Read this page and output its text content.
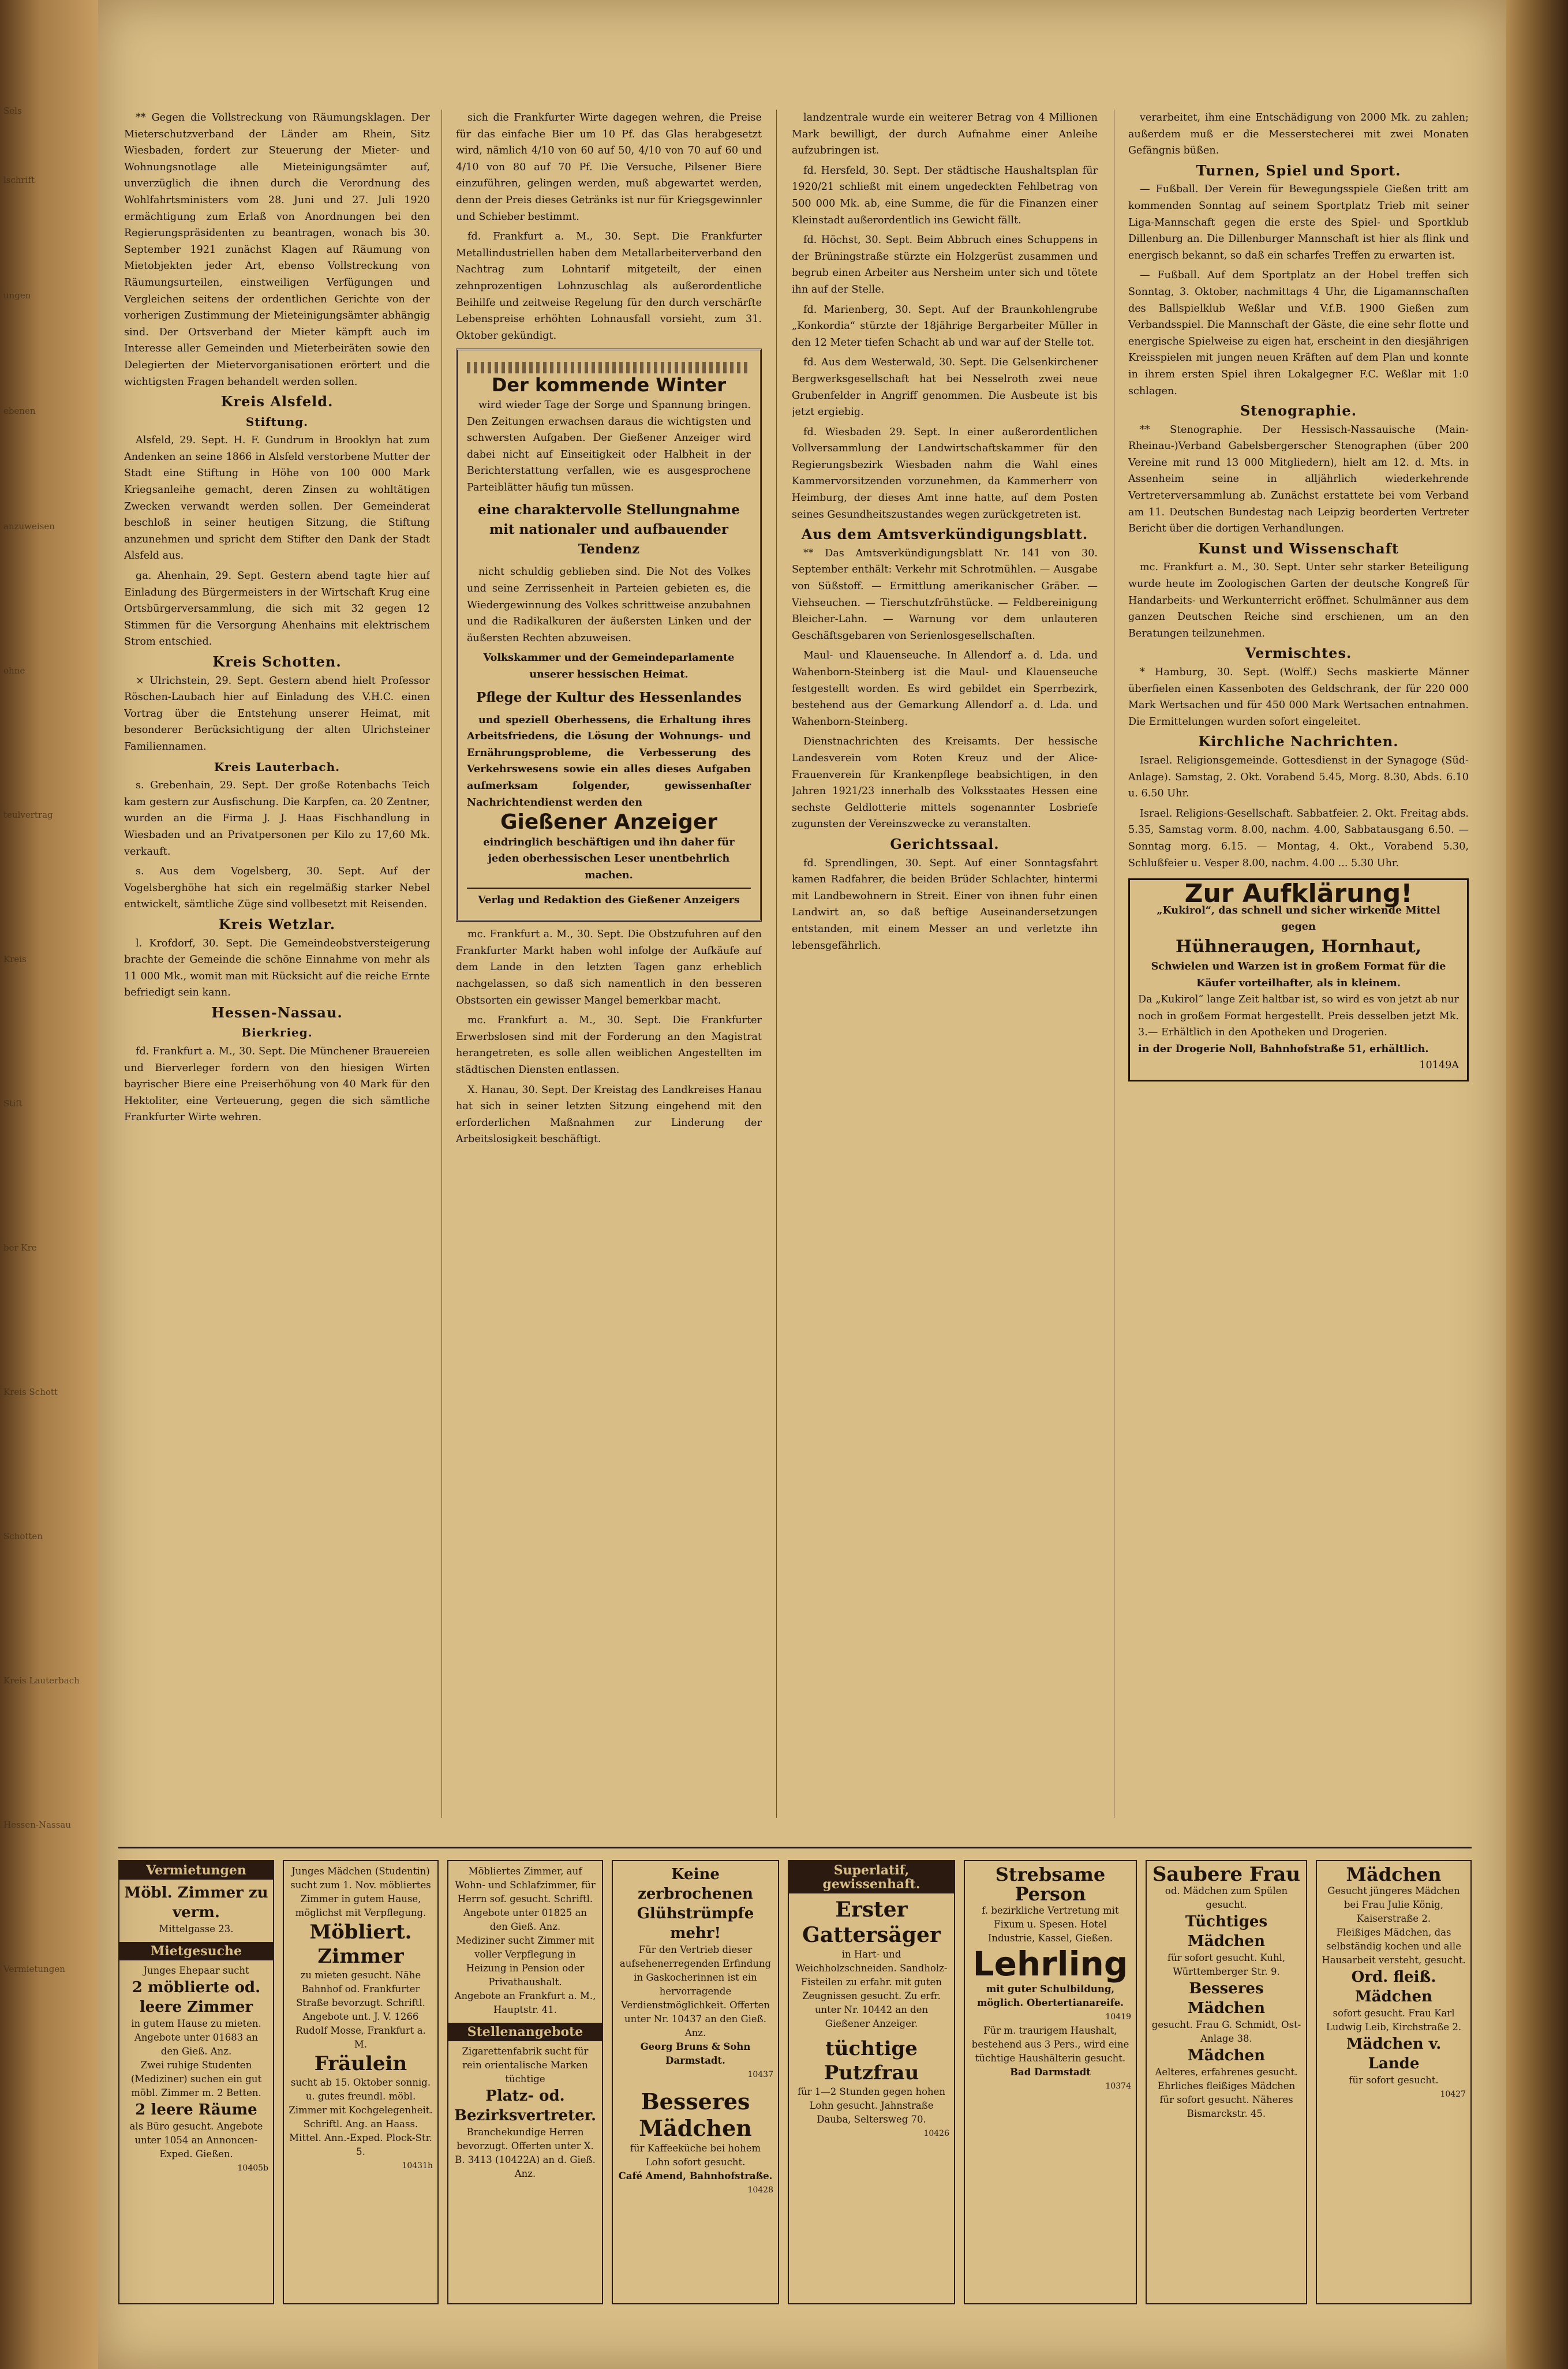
Sels
lschrift
ungen
ebenen
anzuweisen
ohne
teulvertrag
Kreis
Stift
ber Kre
Kreis Schott
Schotten
Kreis Lauterbach
Hessen-Nassau
Vermietungen

** Gegen die Vollstreckung von Räumungsklagen. Der Mieterschutzverband der Länder am Rhein, Sitz Wiesbaden, fordert zur Steuerung der Mieter- und Wohnungsnotlage alle Mieteinigungsämter auf, unverzüglich die ihnen durch die Verordnung des Wohlfahrtsministers vom 28. Juni und 27. Juli 1920 ermächtigung zum Erlaß von Anordnungen bei den Regierungspräsidenten zu beantragen, wonach bis 30. September 1921 zunächst Klagen auf Räumung von Mietobjekten jeder Art, ebenso Vollstreckung von Räumungsurteilen, einstweiligen Verfügungen und Vergleichen seitens der ordentlichen Gerichte von der vorherigen Zustimmung der Mieteinigungsämter abhängig sind. Der Ortsverband der Mieter kämpft auch im Interesse aller Gemeinden und Mieterbeiräten sowie den Delegierten der Mietervorganisationen erörtert und die wichtigsten Fragen behandelt werden sollen.

Kreis Alsfeld.
Stiftung.

Alsfeld, 29. Sept. H. F. Gundrum in Brooklyn hat zum Andenken an seine 1866 in Alsfeld verstorbene Mutter der Stadt eine Stiftung in Höhe von 100 000 Mark Kriegsanleihe gemacht, deren Zinsen zu wohltätigen Zwecken verwandt werden sollen. Der Gemeinderat beschloß in seiner heutigen Sitzung, die Stiftung anzunehmen und spricht dem Stifter den Dank der Stadt Alsfeld aus.

ga. Ahenhain, 29. Sept. Gestern abend tagte hier auf Einladung des Bürgermeisters in der Wirtschaft Krug eine Ortsbürgerversammlung, die sich mit 32 gegen 12 Stimmen für die Versorgung Ahenhains mit elektrischem Strom entschied.

Kreis Schotten.

× Ulrichstein, 29. Sept. Gestern abend hielt Professor Röschen-Laubach hier auf Einladung des V.H.C. einen Vortrag über die Entstehung unserer Heimat, mit besonderer Berücksichtigung der alten Ulrichsteiner Familiennamen.

Kreis Lauterbach.

s. Grebenhain, 29. Sept. Der große Rotenbachs Teich kam gestern zur Ausfischung. Die Karpfen, ca. 20 Zentner, wurden an die Firma J. J. Haas Fischhandlung in Wiesbaden und an Privatpersonen per Kilo zu 17,60 Mk. verkauft.

s. Aus dem Vogelsberg, 30. Sept. Auf der Vogelsberghöhe hat sich ein regelmäßig starker Nebel entwickelt, sämtliche Züge sind vollbesetzt mit Reisenden.

Kreis Wetzlar.

l. Krofdorf, 30. Sept. Die Gemeindeobstversteigerung brachte der Gemeinde die schöne Einnahme von mehr als 11 000 Mk., womit man mit Rücksicht auf die reiche Ernte befriedigt sein kann.

Hessen-Nassau.
Bierkrieg.

fd. Frankfurt a. M., 30. Sept. Die Münchener Brauereien und Bierverleger fordern von den hiesigen Wirten bayrischer Biere eine Preiserhöhung von 40 Mark für den Hektoliter, eine Verteuerung, gegen die sich sämtliche Frankfurter Wirte wehren.

sich die Frankfurter Wirte dagegen wehren, die Preise für das einfache Bier um 10 Pf. das Glas herabgesetzt wird, nämlich 4/10 von 60 auf 50, 4/10 von 70 auf 60 und 4/10 von 80 auf 70 Pf. Die Versuche, Pilsener Biere einzuführen, gelingen werden, muß abgewartet werden, denn der Preis dieses Getränks ist nur für Kriegsgewinnler und Schieber bestimmt.

fd. Frankfurt a. M., 30. Sept. Die Frankfurter Metallindustriellen haben dem Metallarbeiterverband den Nachtrag zum Lohntarif mitgeteilt, der einen zehnprozentigen Lohnzuschlag als außerordentliche Beihilfe und zeitweise Regelung für den durch verschärfte Lebenspreise erhöhten Lohnausfall vorsieht, zum 31. Oktober gekündigt.

Der kommende Winter

wird wieder Tage der Sorge und Spannung bringen. Den Zeitungen erwachsen daraus die wichtigsten und schwersten Aufgaben. Der Gießener Anzeiger wird dabei nicht auf Einseitigkeit oder Halbheit in der Berichterstattung verfallen, wie es ausgesprochene Parteiblätter häufig tun müssen.

eine charaktervolle Stellungnahme mit nationaler und aufbauender Tendenz

nicht schuldig geblieben sind. Die Not des Volkes und seine Zerrissenheit in Parteien gebieten es, die Wiedergewinnung des Volkes schrittweise anzubahnen und die Radikalkuren der äußersten Linken und der äußersten Rechten abzuweisen.

Volkskammer und der Gemeindeparlamente unserer hessischen Heimat.
Pflege der Kultur des Hessenlandes

und speziell Oberhessens, die Erhaltung ihres Arbeitsfriedens, die Lösung der Wohnungs- und Ernährungsprobleme, die Verbesserung des Verkehrswesens sowie ein alles dieses Aufgaben aufmerksam folgender, gewissenhafter Nachrichtendienst werden den

Gießener Anzeiger
eindringlich beschäftigen und ihn daher für jeden oberhessischen Leser unentbehrlich machen.
Verlag und Redaktion des Gießener Anzeigers

mc. Frankfurt a. M., 30. Sept. Die Obstzufuhren auf den Frankfurter Markt haben wohl infolge der Aufkäufe auf dem Lande in den letzten Tagen ganz erheblich nachgelassen, so daß sich namentlich in den besseren Obstsorten ein gewisser Mangel bemerkbar macht.

mc. Frankfurt a. M., 30. Sept. Die Frankfurter Erwerbslosen sind mit der Forderung an den Magistrat herangetreten, es solle allen weiblichen Angestellten im städtischen Diensten entlassen.

X. Hanau, 30. Sept. Der Kreistag des Landkreises Hanau hat sich in seiner letzten Sitzung eingehend mit den erforderlichen Maßnahmen zur Linderung der Arbeitslosigkeit beschäftigt.

landzentrale wurde ein weiterer Betrag von 4 Millionen Mark bewilligt, der durch Aufnahme einer Anleihe aufzubringen ist.

fd. Hersfeld, 30. Sept. Der städtische Haushaltsplan für 1920/21 schließt mit einem ungedeckten Fehlbetrag von 500 000 Mk. ab, eine Summe, die für die Finanzen einer Kleinstadt außerordentlich ins Gewicht fällt.

fd. Höchst, 30. Sept. Beim Abbruch eines Schuppens in der Brüningstraße stürzte ein Holzgerüst zusammen und begrub einen Arbeiter aus Nersheim unter sich und tötete ihn auf der Stelle.

fd. Marienberg, 30. Sept. Auf der Braunkohlengrube „Konkordia“ stürzte der 18jährige Bergarbeiter Müller in den 12 Meter tiefen Schacht ab und war auf der Stelle tot.

fd. Aus dem Westerwald, 30. Sept. Die Gelsenkirchener Bergwerksgesellschaft hat bei Nesselroth zwei neue Grubenfelder in Angriff genommen. Die Ausbeute ist bis jetzt ergiebig.

fd. Wiesbaden 29. Sept. In einer außerordentlichen Vollversammlung der Landwirtschaftskammer für den Regierungsbezirk Wiesbaden nahm die Wahl eines Kammervorsitzenden vorzunehmen, da Kammerherr von Heimburg, der dieses Amt inne hatte, auf dem Posten seines Gesundheitszustandes wegen zurückgetreten ist.

Aus dem Amtsverkündigungsblatt.

** Das Amtsverkündigungsblatt Nr. 141 von 30. September enthält: Verkehr mit Schrotmühlen. — Ausgabe von Süßstoff. — Ermittlung amerikanischer Gräber. — Viehseuchen. — Tierschutzfrühstücke. — Feldbereinigung Bleicher-Lahn. — Warnung vor dem unlauteren Geschäftsgebaren von Serienlosgesellschaften.

Maul- und Klauenseuche. In Allendorf a. d. Lda. und Wahenborn-Steinberg ist die Maul- und Klauenseuche festgestellt worden. Es wird gebildet ein Sperrbezirk, bestehend aus der Gemarkung Allendorf a. d. Lda. und Wahenborn-Steinberg.

Dienstnachrichten des Kreisamts. Der hessische Landesverein vom Roten Kreuz und der Alice-Frauenverein für Krankenpflege beabsichtigen, in den Jahren 1921/23 innerhalb des Volksstaates Hessen eine sechste Geldlotterie mittels sogenannter Losbriefe zugunsten der Vereinszwecke zu veranstalten.

Gerichtssaal.

fd. Sprendlingen, 30. Sept. Auf einer Sonntagsfahrt kamen Radfahrer, die beiden Brüder Schlachter, hintermi mit Landbewohnern in Streit. Einer von ihnen fuhr einen Landwirt an, so daß beftige Auseinandersetzungen entstanden, mit einem Messer an und verletzte ihn lebensgefährlich.

verarbeitet, ihm eine Entschädigung von 2000 Mk. zu zahlen; außerdem muß er die Messerstecherei mit zwei Monaten Gefängnis büßen.

Turnen, Spiel und Sport.

— Fußball. Der Verein für Bewegungsspiele Gießen tritt am kommenden Sonntag auf seinem Sportplatz Trieb mit seiner Liga-Mannschaft gegen die erste des Spiel- und Sportklub Dillenburg an. Die Dillenburger Mannschaft ist hier als flink und energisch bekannt, so daß ein scharfes Treffen zu erwarten ist.

— Fußball. Auf dem Sportplatz an der Hobel treffen sich Sonntag, 3. Oktober, nachmittags 4 Uhr, die Ligamannschaften des Ballspielklub Weßlar und V.f.B. 1900 Gießen zum Verbandsspiel. Die Mannschaft der Gäste, die eine sehr flotte und energische Spielweise zu eigen hat, erscheint in den diesjährigen Kreisspielen mit jungen neuen Kräften auf dem Plan und konnte in ihrem ersten Spiel ihren Lokalgegner F.C. Weßlar mit 1:0 schlagen.

Stenographie.

** Stenographie. Der Hessisch-Nassauische (Main-Rheinau-)Verband Gabelsbergerscher Stenographen (über 200 Vereine mit rund 13 000 Mitgliedern), hielt am 12. d. Mts. in Assenheim seine in alljährlich wiederkehrende Vertreterversammlung ab. Zunächst erstattete bei vom Verband am 11. Deutschen Bundestag nach Leipzig beorderten Vertreter Bericht über die dortigen Verhandlungen.

Kunst und Wissenschaft

mc. Frankfurt a. M., 30. Sept. Unter sehr starker Beteiligung wurde heute im Zoologischen Garten der deutsche Kongreß für Handarbeits- und Werkunterricht eröffnet. Schulmänner aus dem ganzen Deutschen Reiche sind erschienen, um an den Beratungen teilzunehmen.

Vermischtes.

* Hamburg, 30. Sept. (Wolff.) Sechs maskierte Männer überfielen einen Kassenboten des Geldschrank, der für 220 000 Mark Wertsachen und für 450 000 Mark Wertsachen entnahmen. Die Ermittelungen wurden sofort eingeleitet.

Kirchliche Nachrichten.

Israel. Religionsgemeinde. Gottesdienst in der Synagoge (Süd-Anlage). Samstag, 2. Okt. Vorabend 5.45, Morg. 8.30, Abds. 6.10 u. 6.50 Uhr.

Israel. Religions-Gesellschaft. Sabbatfeier. 2. Okt. Freitag abds. 5.35, Samstag vorm. 8.00, nachm. 4.00, Sabbatausgang 6.50. — Sonntag morg. 6.15. — Montag, 4. Okt., Vorabend 5.30, Schlußfeier u. Vesper 8.00, nachm. 4.00 ... 5.30 Uhr.

Zur Aufklärung!
„Kukirol“, das schnell und sicher wirkende Mittel gegen
Hühneraugen, Hornhaut,
Schwielen und Warzen ist in großem Format für die Käufer vorteilhafter, als in kleinem.
Da „Kukirol“ lange Zeit haltbar ist, so wird es von jetzt ab nur noch in großem Format hergestellt. Preis desselben jetzt Mk. 3.— Erhältlich in den Apotheken und Drogerien.
in der Drogerie Noll, Bahnhofstraße 51, erhältlich.
10149A
Vermietungen
Möbl. Zimmer zu verm.
Mittelgasse 23.
Mietgesuche
Junges Ehepaar sucht
2 möblierte od. leere Zimmer
in gutem Hause zu mieten. Angebote unter 01683 an den Gieß. Anz.
Zwei ruhige Studenten (Mediziner) suchen ein gut möbl. Zimmer m. 2 Betten.
2 leere Räume
als Büro gesucht. Angebote unter 1054 an Annoncen-Exped. Gießen.
10405b
Junges Mädchen (Studentin) sucht zum 1. Nov. möbliertes Zimmer in gutem Hause, möglichst mit Verpflegung.
Möbliert. Zimmer
zu mieten gesucht. Nähe Bahnhof od. Frankfurter Straße bevorzugt. Schriftl. Angebote unt. J. V. 1266 Rudolf Mosse, Frankfurt a. M.
Fräulein
sucht ab 15. Oktober sonnig. u. gutes freundl. möbl. Zimmer mit Kochgelegenheit. Schriftl. Ang. an Haass. Mittel. Ann.-Exped. Plock-Str. 5.
10431h
Möbliertes Zimmer, auf Wohn- und Schlafzimmer, für Herrn sof. gesucht. Schriftl. Angebote unter 01825 an den Gieß. Anz.
Mediziner sucht Zimmer mit voller Verpflegung in Heizung in Pension oder Privathaushalt.
Angebote an Frankfurt a. M., Hauptstr. 41.
Stellenangebote
Zigarettenfabrik sucht für rein orientalische Marken tüchtige
Platz- od. Bezirksvertreter.
Branchekundige Herren bevorzugt. Offerten unter X. B. 3413 (10422A) an d. Gieß. Anz.
Keine zerbrochenen Glühstrümpfe mehr!
Für den Vertrieb dieser aufsehenerregenden Erfindung in Gaskocherinnen ist ein hervorragende Verdienstmöglichkeit. Offerten unter Nr. 10437 an den Gieß. Anz.
Georg Bruns & Sohn Darmstadt.
10437
Besseres Mädchen
für Kaffeeküche bei hohem Lohn sofort gesucht.
Café Amend, Bahnhofstraße.
10428
Superlatif, gewissenhaft.
Erster Gattersäger
in Hart- und Weichholzschneiden. Sandholz-Fisteilen zu erfahr. mit guten Zeugnissen gesucht. Zu erfr. unter Nr. 10442 an den Gießener Anzeiger.
tüchtige Putzfrau
für 1—2 Stunden gegen hohen Lohn gesucht. Jahnstraße Dauba, Seltersweg 70.
10426
Strebsame Person
f. bezirkliche Vertretung mit Fixum u. Spesen. Hotel Industrie, Kassel, Gießen.
Lehrling
mit guter Schulbildung, möglich. Obertertianareife.
10419
Für m. traurigem Haushalt, bestehend aus 3 Pers., wird eine tüchtige Haushälterin gesucht.
Bad Darmstadt
10374
Saubere Frau
od. Mädchen zum Spülen gesucht.
Tüchtiges Mädchen
für sofort gesucht. Kuhl, Württemberger Str. 9.
Besseres Mädchen
gesucht. Frau G. Schmidt, Ost-Anlage 38.
Mädchen
Aelteres, erfahrenes gesucht.
Ehrliches fleißiges Mädchen für sofort gesucht. Näheres Bismarckstr. 45.
Mädchen
Gesucht jüngeres Mädchen bei Frau Julie König, Kaiserstraße 2.
Fleißiges Mädchen, das selbständig kochen und alle Hausarbeit versteht, gesucht.
Ord. fleiß. Mädchen
sofort gesucht. Frau Karl Ludwig Leib, Kirchstraße 2.
Mädchen v. Lande
für sofort gesucht.
10427
